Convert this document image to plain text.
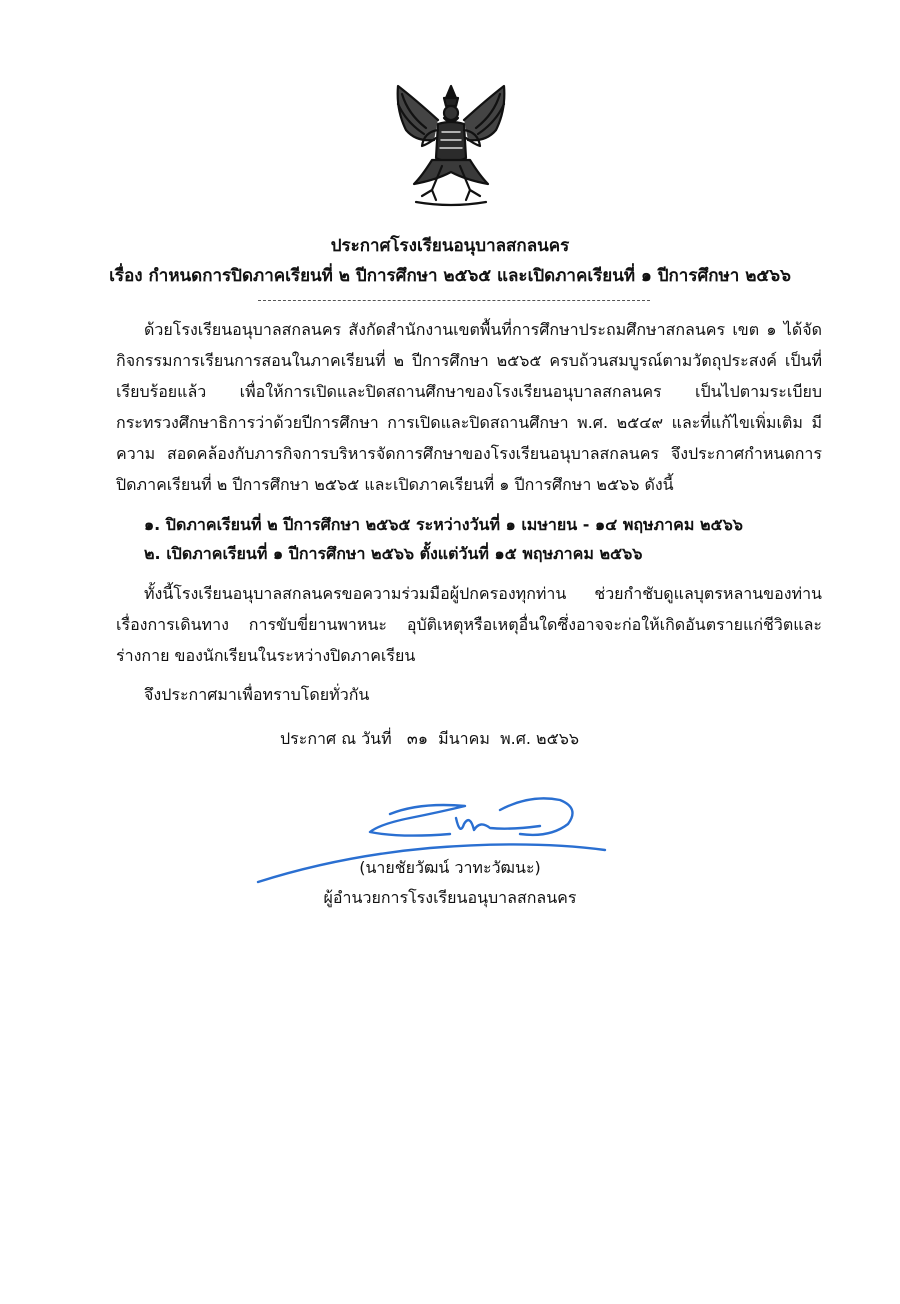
ประกาศโรงเรียนอนุบาลสกลนคร
เรื่อง กำหนดการปิดภาคเรียนที่ ๒ ปีการศึกษา ๒๕๖๕ และเปิดภาคเรียนที่ ๑ ปีการศึกษา ๒๕๖๖
ด้วยโรงเรียนอนุบาลสกลนคร สังกัดสำนักงานเขตพื้นที่การศึกษาประถมศึกษาสกลนคร เขต ๑ ได้จัดกิจกรรมการเรียนการสอนในภาคเรียนที่ ๒ ปีการศึกษา ๒๕๖๕ ครบถ้วนสมบูรณ์ตามวัตถุประสงค์ เป็นที่เรียบร้อยแล้ว เพื่อให้การเปิดและปิดสถานศึกษาของโรงเรียนอนุบาลสกลนคร เป็นไปตามระเบียบ กระทรวงศึกษาธิการว่าด้วยปีการศึกษา การเปิดและปิดสถานศึกษา พ.ศ. ๒๕๔๙ และที่แก้ไขเพิ่มเติม มีความ สอดคล้องกับภารกิจการบริหารจัดการศึกษาของโรงเรียนอนุบาลสกลนคร จึงประกาศกำหนดการปิดภาคเรียนที่ ๒ ปีการศึกษา ๒๕๖๕ และเปิดภาคเรียนที่ ๑ ปีการศึกษา ๒๕๖๖ ดังนี้
๑. ปิดภาคเรียนที่ ๒ ปีการศึกษา ๒๕๖๕ ระหว่างวันที่ ๑ เมษายน - ๑๔ พฤษภาคม ๒๕๖๖
๒. เปิดภาคเรียนที่ ๑ ปีการศึกษา ๒๕๖๖ ตั้งแต่วันที่ ๑๕ พฤษภาคม ๒๕๖๖
ทั้งนี้โรงเรียนอนุบาลสกลนครขอความร่วมมือผู้ปกครองทุกท่าน ช่วยกำชับดูแลบุตรหลานของท่าน เรื่องการเดินทาง การขับขี่ยานพาหนะ อุบัติเหตุหรือเหตุอื่นใดซึ่งอาจจะก่อให้เกิดอันตรายแก่ชีวิตและร่างกาย ของนักเรียนในระหว่างปิดภาคเรียน
จึงประกาศมาเพื่อทราบโดยทั่วกัน
ประกาศ ณ วันที่   ๓๑  มีนาคม  พ.ศ. ๒๕๖๖
(นายชัยวัฒน์ วาทะวัฒนะ)
ผู้อำนวยการโรงเรียนอนุบาลสกลนคร
